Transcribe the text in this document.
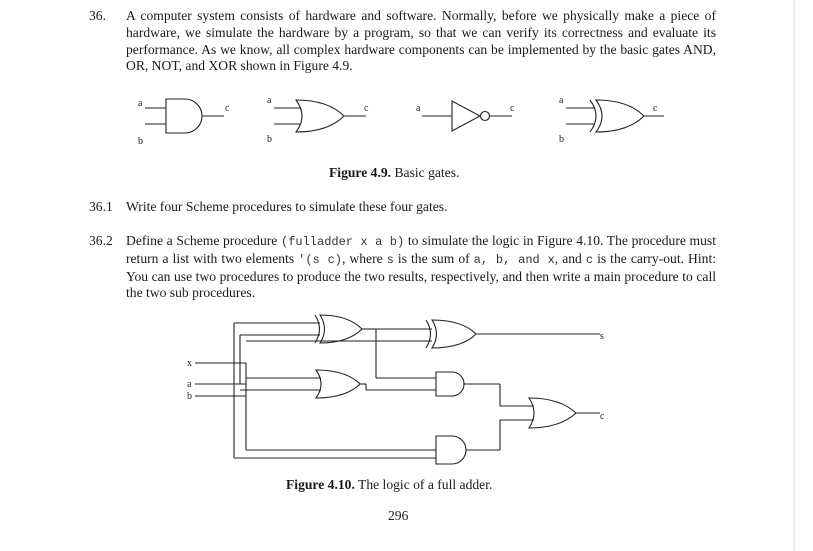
36. A computer system consists of hardware and software. Normally, before we physically make a piece of hardware, we simulate the hardware by a program, so that we can verify its correctness and evaluate its performance. As we know, all complex hardware components can be implemented by the basic gates AND, OR, NOT, and XOR shown in Figure 4.9.
a
b
c
a
b
c	a	c
a
b
c
Figure 4.9. Basic gates.
36.1 Write four Scheme procedures to simulate these four gates.
36.2 Define a Scheme procedure (fulladder x a b) to simulate the logic in Figure 4.10. The procedure must return a list with two elements '(s c), where s is the sum of a, b, and x, and c is the carry-out. Hint: You can use two procedures to produce the two results, respectively, and then write a main procedure to call the two sub procedures.
x
a
b
s
c
Figure 4.10. The logic of a full adder.
296
